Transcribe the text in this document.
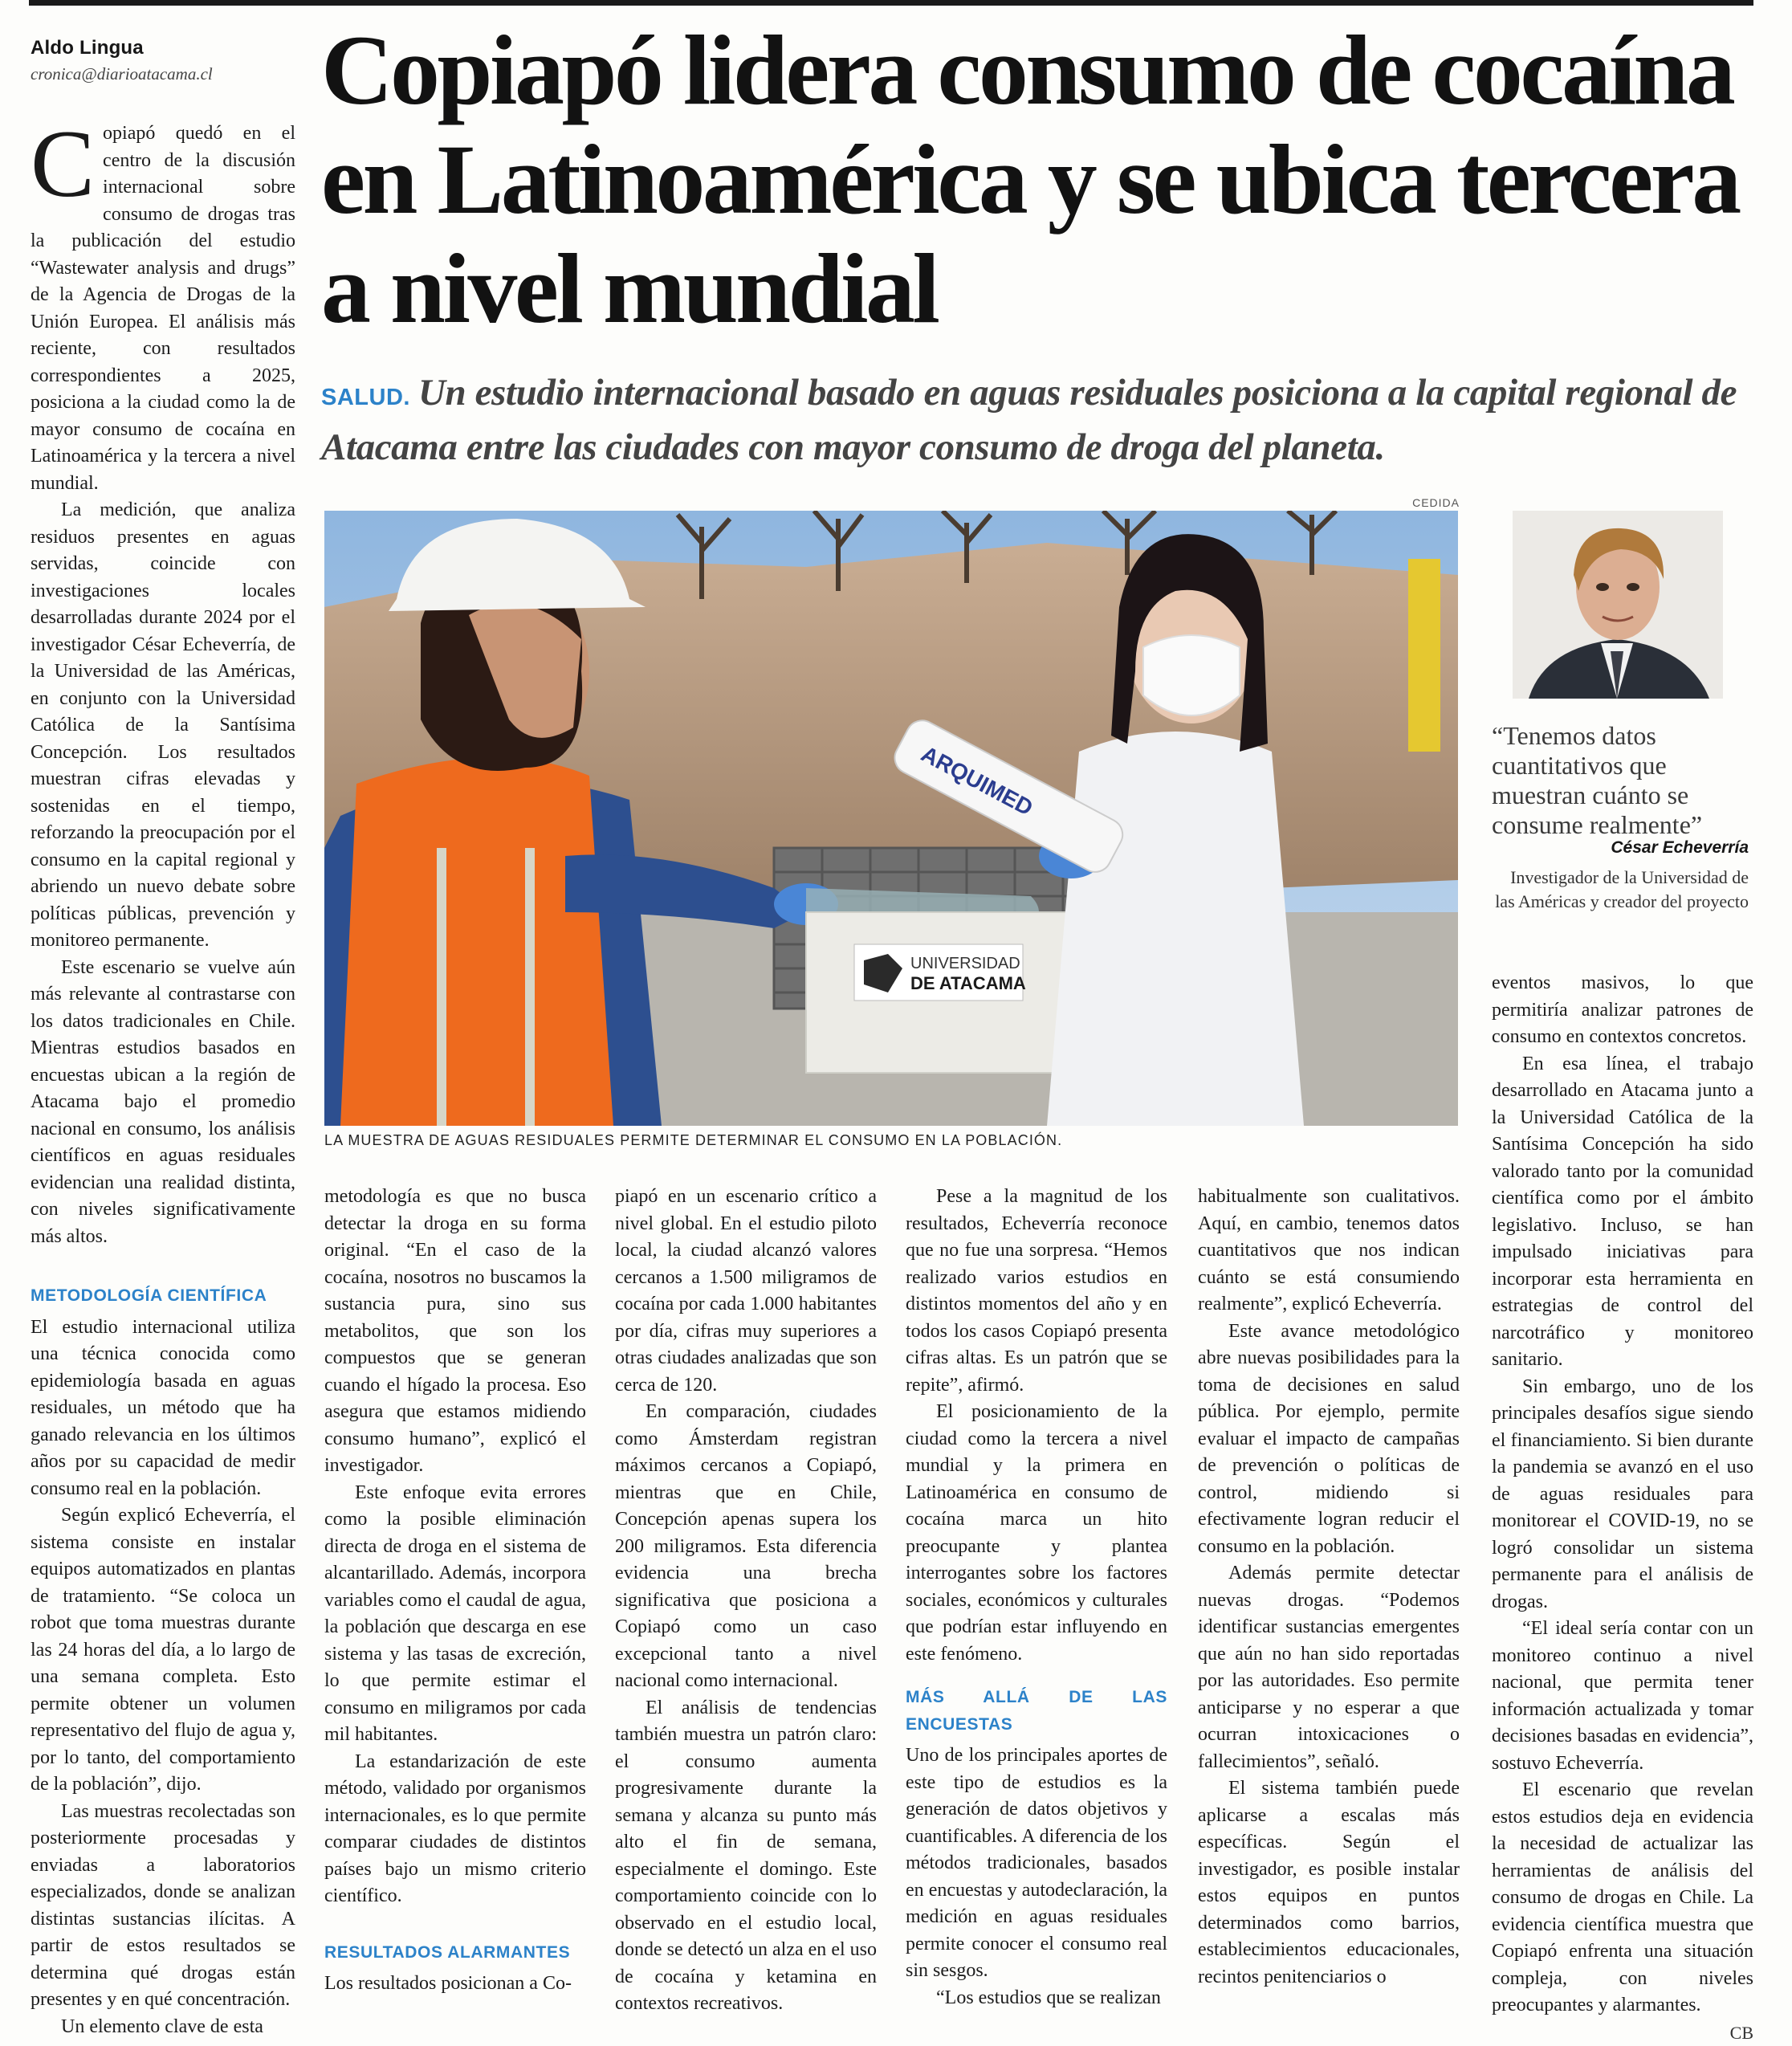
Aldo Lingua
cronica@diarioatacama.cl	Copiapó lidera consumo de cocaína en Latinoamérica y se ubica tercera a nivel mundial
SALUD. Un estudio internacional basado en aguas residuales posiciona a la capital regional de Atacama entre las ciudades con mayor consumo de droga del planeta.

Copiapó quedó en el centro de la discusión internacional sobre consumo de drogas tras la publicación del estudio “Wastewater analysis and drugs” de la Agencia de Drogas de la Unión Europea. El análisis más reciente, con resultados correspondientes a 2025, posiciona a la ciudad como la de mayor consumo de cocaína en Latinoamérica y la tercera a nivel mundial.

La medición, que analiza residuos presentes en aguas servidas, coincide con investigaciones locales desarrolladas durante 2024 por el investigador César Echeverría, de la Universidad de las Américas, en conjunto con la Universidad Católica de la Santísima Concepción. Los resultados muestran cifras elevadas y sostenidas en el tiempo, reforzando la preocupación por el consumo en la capital regional y abriendo un nuevo debate sobre políticas públicas, prevención y monitoreo permanente.

Este escenario se vuelve aún más relevante al contrastarse con los datos tradicionales en Chile. Mientras estudios basados en encuestas ubican a la región de Atacama bajo el promedio nacional en consumo, los análisis científicos en aguas residuales evidencian una realidad distinta, con niveles significativamente más altos.

METODOLOGÍA CIENTÍFICA

El estudio internacional utiliza una técnica conocida como epidemiología basada en aguas residuales, un método que ha ganado relevancia en los últimos años por su capacidad de medir consumo real en la población.

Según explicó Echeverría, el sistema consiste en instalar equipos automatizados en plantas de tratamiento. “Se coloca un robot que toma muestras durante las 24 horas del día, a lo largo de una semana completa. Esto permite obtener un volumen representativo del flujo de agua y, por lo tanto, del comportamiento de la población”, dijo.

Las muestras recolectadas son posteriormente procesadas y enviadas a laboratorios especializados, donde se analizan distintas sustancias ilícitas. A partir de estos resultados se determina qué drogas están presentes y en qué concentración.

Un elemento clave de esta

CEDIDA
UNIVERSIDAD
DE ATACAMA
ARQUIMED
LA MUESTRA DE AGUAS RESIDUALES PERMITE DETERMINAR EL CONSUMO EN LA POBLACIÓN.
“Tenemos datos cuantitativos que muestran cuánto se consume realmente”
César Echeverría
Investigador de la Universidad de las Américas y creador del proyecto

metodología es que no busca detectar la droga en su forma original. “En el caso de la cocaína, nosotros no buscamos la sustancia pura, sino sus metabolitos, que son los compuestos que se generan cuando el hígado la procesa. Eso asegura que estamos midiendo consumo humano”, explicó el investigador.

Este enfoque evita errores como la posible eliminación directa de droga en el sistema de alcantarillado. Además, incorpora variables como el caudal de agua, la población que descarga en ese sistema y las tasas de excreción, lo que permite estimar el consumo en miligramos por cada mil habitantes.

La estandarización de este método, validado por organismos internacionales, es lo que permite comparar ciudades de distintos países bajo un mismo criterio científico.

RESULTADOS ALARMANTES

Los resultados posicionan a Co-

piapó en un escenario crítico a nivel global. En el estudio piloto local, la ciudad alcanzó valores cercanos a 1.500 miligramos de cocaína por cada 1.000 habitantes por día, cifras muy superiores a otras ciudades analizadas que son cerca de 120.

En comparación, ciudades como Ámsterdam registran máximos cercanos a Copiapó, mientras que en Chile, Concepción apenas supera los 200 miligramos. Esta diferencia evidencia una brecha significativa que posiciona a Copiapó como un caso excepcional tanto a nivel nacional como internacional.

El análisis de tendencias también muestra un patrón claro: el consumo aumenta progresivamente durante la semana y alcanza su punto más alto el fin de semana, especialmente el domingo. Este comportamiento coincide con lo observado en el estudio local, donde se detectó un alza en el uso de cocaína y ketamina en contextos recreativos.

Pese a la magnitud de los resultados, Echeverría reconoce que no fue una sorpresa. “Hemos realizado varios estudios en distintos momentos del año y en todos los casos Copiapó presenta cifras altas. Es un patrón que se repite”, afirmó.

El posicionamiento de la ciudad como la tercera a nivel mundial y la primera en Latinoamérica en consumo de cocaína marca un hito preocupante y plantea interrogantes sobre los factores sociales, económicos y culturales que podrían estar influyendo en este fenómeno.

MÁS ALLÁ DE LAS ENCUESTAS

Uno de los principales aportes de este tipo de estudios es la generación de datos objetivos y cuantificables. A diferencia de los métodos tradicionales, basados en encuestas y autodeclaración, la medición en aguas residuales permite conocer el consumo real sin sesgos.

“Los estudios que se realizan

habitualmente son cualitativos. Aquí, en cambio, tenemos datos cuantitativos que nos indican cuánto se está consumiendo realmente”, explicó Echeverría.

Este avance metodológico abre nuevas posibilidades para la toma de decisiones en salud pública. Por ejemplo, permite evaluar el impacto de campañas de prevención o políticas de control, midiendo si efectivamente logran reducir el consumo en la población.

Además permite detectar nuevas drogas. “Podemos identificar sustancias emergentes que aún no han sido reportadas por las autoridades. Eso permite anticiparse y no esperar a que ocurran intoxicaciones o fallecimientos”, señaló.

El sistema también puede aplicarse a escalas más específicas. Según el investigador, es posible instalar estos equipos en puntos determinados como barrios, establecimientos educacionales, recintos penitenciarios o

eventos masivos, lo que permitiría analizar patrones de consumo en contextos concretos.

En esa línea, el trabajo desarrollado en Atacama junto a la Universidad Católica de la Santísima Concepción ha sido valorado tanto por la comunidad científica como por el ámbito legislativo. Incluso, se han impulsado iniciativas para incorporar esta herramienta en estrategias de control del narcotráfico y monitoreo sanitario.

Sin embargo, uno de los principales desafíos sigue siendo el financiamiento. Si bien durante la pandemia se avanzó en el uso de aguas residuales para monitorear el COVID-19, no se logró consolidar un sistema permanente para el análisis de drogas.

“El ideal sería contar con un monitoreo continuo a nivel nacional, que permita tener información actualizada y tomar decisiones basadas en evidencia”, sostuvo Echeverría.

El escenario que revelan estos estudios deja en evidencia la necesidad de actualizar las herramientas de análisis del consumo de drogas en Chile. La evidencia científica muestra que Copiapó enfrenta una situación compleja, con niveles preocupantes y alarmantes.
CB
